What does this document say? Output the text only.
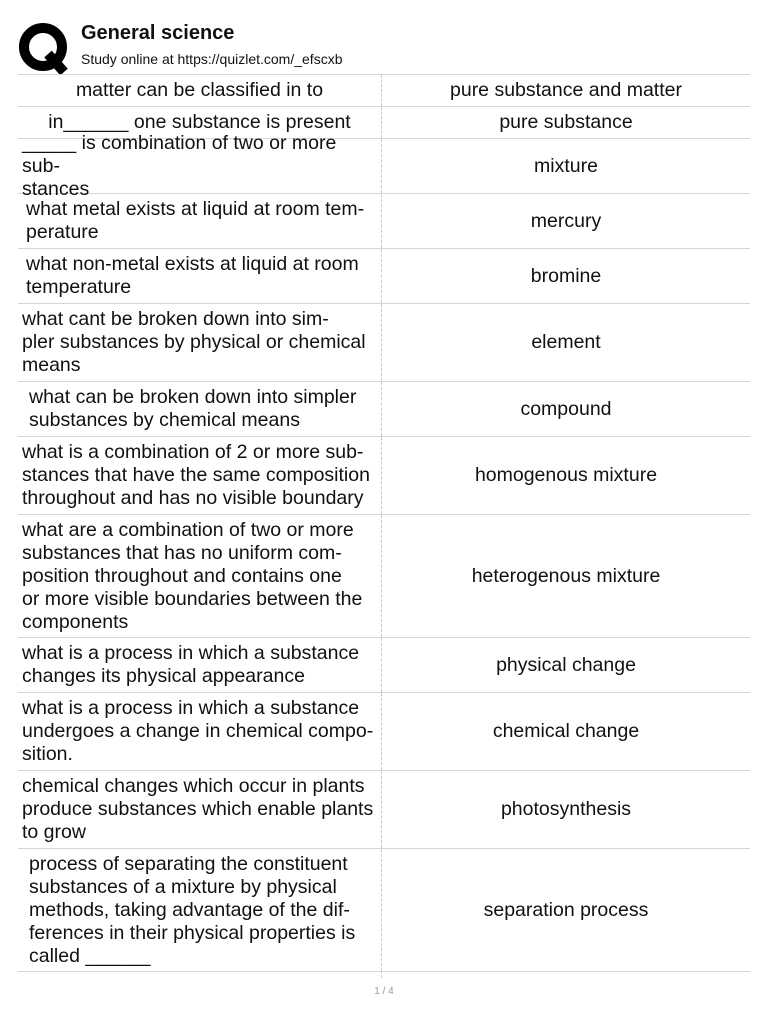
General science
Study online at https://quizlet.com/_efscxb
matter can be classified in to	pure substance and matter
in______ one substance is present	pure substance
_____ is combination of two or more sub-
stances
mixture
what metal exists at liquid at room tem-
perature
mercury
what non-metal exists at liquid at room
temperature
bromine
what cant be broken down into sim-
pler substances by physical or chemical
means
element
what can be broken down into simpler
substances by chemical means
compound
what is a combination of 2 or more sub-
stances that have the same composition
throughout and has no visible boundary
homogenous mixture
what are a combination of two or more
substances that has no uniform com-
position throughout and contains one
or more visible boundaries between the
components
heterogenous mixture
what is a process in which a substance
changes its physical appearance
physical change
what is a process in which a substance
undergoes a change in chemical compo-
sition.
chemical change
chemical changes which occur in plants
produce substances which enable plants
to grow
photosynthesis
process of separating the constituent
substances of a mixture by physical
methods, taking advantage of the dif-
ferences in their physical properties is
called ______
separation process
1 / 4
